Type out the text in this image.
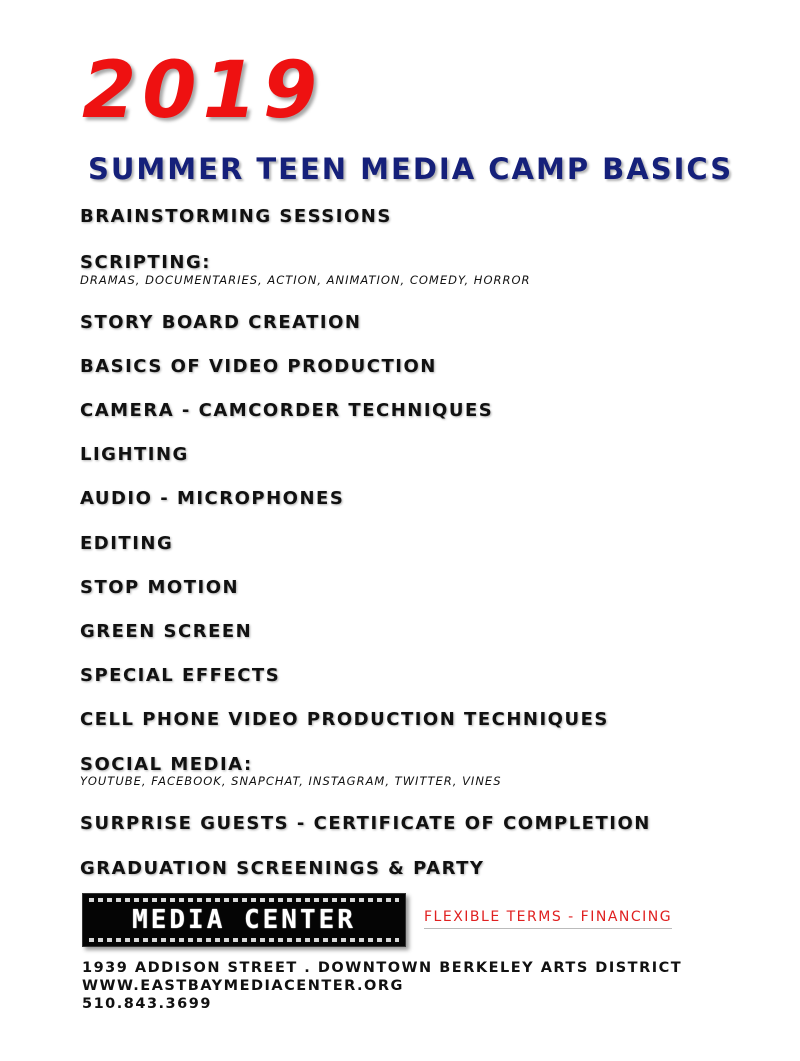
2019
SUMMER TEEN MEDIA CAMP BASICS
BRAINSTORMING SESSIONS
SCRIPTING:
DRAMAS, DOCUMENTARIES, ACTION, ANIMATION, COMEDY, HORROR
STORY BOARD CREATION
BASICS OF VIDEO PRODUCTION
CAMERA - CAMCORDER TECHNIQUES
LIGHTING
AUDIO - MICROPHONES
EDITING
STOP MOTION
GREEN SCREEN
SPECIAL EFFECTS
CELL PHONE VIDEO PRODUCTION TECHNIQUES
SOCIAL MEDIA:
YOUTUBE, FACEBOOK, SNAPCHAT, INSTAGRAM, TWITTER, VINES
SURPRISE GUESTS - CERTIFICATE OF COMPLETION
GRADUATION SCREENINGS & PARTY
MEDIA CENTER	FLEXIBLE TERMS - FINANCING
1939 ADDISON STREET . DOWNTOWN BERKELEY ARTS DISTRICT
WWW.EASTBAYMEDIACENTER.ORG
510.843.3699
